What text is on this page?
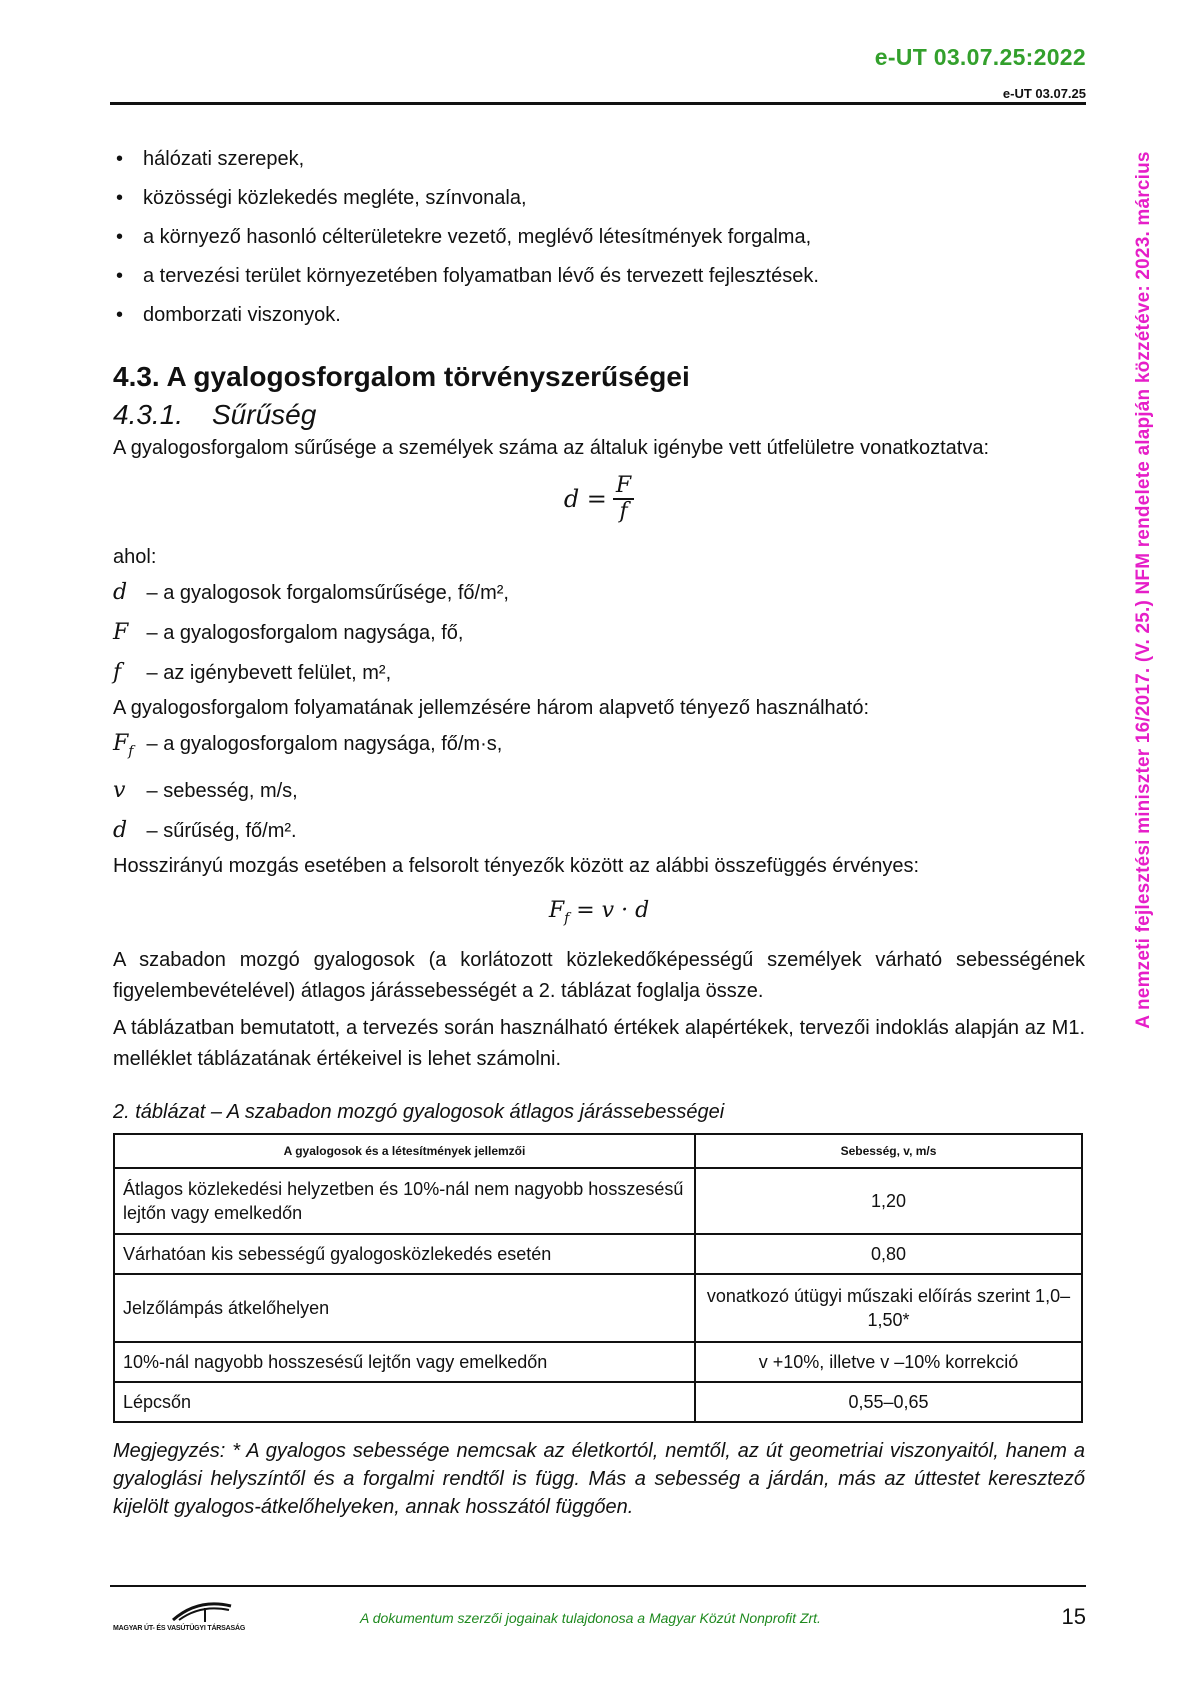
e-UT 03.07.25:2022
e-UT 03.07.25
A nemzeti fejlesztési miniszter 16/2017. (V. 25.) NFM rendelete alapján közzétéve: 2023. március
• hálózati szerepek,
• közösségi közlekedés megléte, színvonala,
• a környező hasonló célterületekre vezető, meglévő létesítmények forgalma,
• a tervezési terület környezetében folyamatban lévő és tervezett fejlesztések.
• domborzati viszonyok.
4.3. A gyalogosforgalom törvényszerűségei
4.3.1. Sűrűség

A gyalogosforgalom sűrűsége a személyek száma az általuk igénybe vett útfelületre vonatkoztatva:

$d = \frac{F}{f}$

ahol:

d – a gyalogosok forgalomsűrűsége, fő/m²,
F – a gyalogosforgalom nagysága, fő,
f – az igénybevett felület, m²,

A gyalogosforgalom folyamatának jellemzésére három alapvető tényező használható:

$F_f$ – a gyalogosforgalom nagysága, fő/m·s,
v – sebesség, m/s,
d – sűrűség, fő/m².

Hosszirányú mozgás esetében a felsorolt tényezők között az alábbi összefüggés érvényes:

$F_f = v \cdot d$

A szabadon mozgó gyalogosok (a korlátozott közlekedőképességű személyek várható sebességének figyelembevételével) átlagos járássebességét a 2. táblázat foglalja össze.

A táblázatban bemutatott, a tervezés során használható értékek alapértékek, tervezői indoklás alapján az M1. melléklet táblázatának értékeivel is lehet számolni.

2. táblázat – A szabadon mozgó gyalogosok átlagos járássebességei
A gyalogosok és a létesítmények jellemzői	Sebesség, v, m/s
Átlagos közlekedési helyzetben és 10%-nál nem nagyobb hosszesésű lejtőn vagy emelkedőn	1,20
Várhatóan kis sebességű gyalogosközlekedés esetén	0,80
Jelzőlámpás átkelőhelyen	vonatkozó útügyi műszaki előírás szerint 1,0–1,50*
10%-nál nagyobb hosszesésű lejtőn vagy emelkedőn	v +10%, illetve v –10% korrekció
Lépcsőn	0,55–0,65

Megjegyzés: * A gyalogos sebessége nemcsak az életkortól, nemtől, az út geometriai viszonyaitól, hanem a gyaloglási helyszíntől és a forgalmi rendtől is függ. Más a sebesség a járdán, más az úttestet keresztező kijelölt gyalogos-átkelőhelyeken, annak hosszától függően.

MAGYAR ÚT- ÉS VASÚTÜGYI TÁRSASÁG
A dokumentum szerzői jogainak tulajdonosa a Magyar Közút Nonprofit Zrt.	15
